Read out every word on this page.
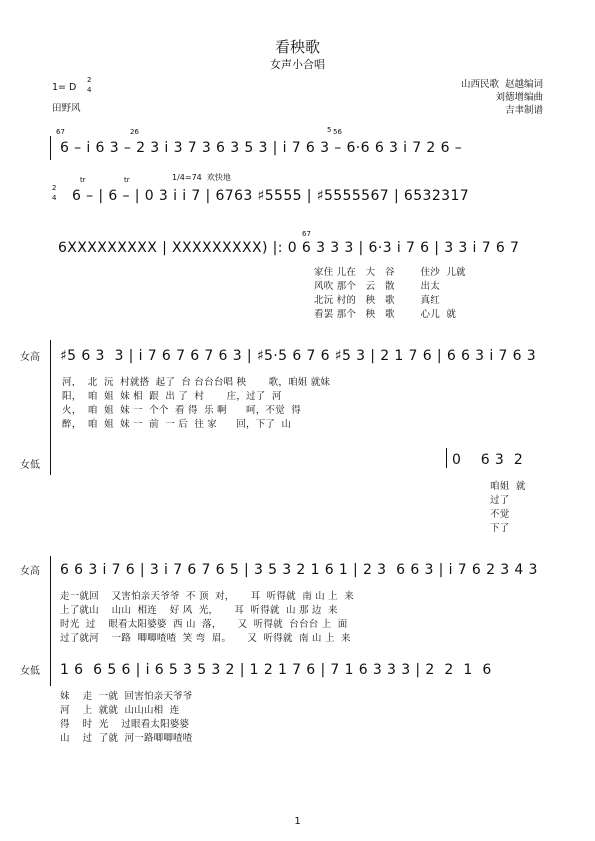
看秧歌
女声小合唱
1= D
2
4
田野风
山西民歌  赵越编词
刘德增编曲
吉聿制谱
67	26	5 56
6 – i 6 3 – 2 3 i 3 7 3 6 3 5 3 | i 7 6 3 – 6·6 6 3 i 7 2 6 –
2
4
tr	tr	1/4=74  欢快地
6 – | 6 – | 0 3 i i 7 | 6763 ♯5555 | ♯5555567 | 6532317
67
6XXXXXXXXX | XXXXXXXXX) |: 0 6 3 3 3 | 6·3 i 7 6 | 3 3 i 7 6 7
家住 儿在   大   谷        住沙  儿就
风吹 那个   云   散        出太
北沅 村的   秧   歌        真红
看罢 那个   秧   歌        心儿  就
女高
女低
♯5 6 3  3 | i 7 6 7 6 7 6 3 | ♯5·5 6 7 6 ♯5 3 | 2 1 7 6 | 6 6 3 i 7 6 3
河，  北  沅  村就搭  起了  台 台台台唱 秧       歌，咱姐 就妹
阳，  咱  姐  妹 相  跟  出 了  村       庄，过了  河
火，  咱  姐  妹 一  个个  看 得  乐 啊      呵，不觉  得
醉，  咱  姐  妹 一  前  一 后  往 家      回，下了  山
0    6 3  2
咱姐  就
过了
不觉
下了
女高
女低
6 6 3 i 7 6 | 3 i 7 6 7 6 5 | 3 5 3 2 1 6 1 | 2 3  6 6 3 | i 7 6 2 3 4 3
走一就回    又害怕亲天爷爷  不 顶  对，     耳  听得就  南 山 上  来
上了就山    山山  相连    好 风  光，     耳  听得就  山 那 边  来
时光  过    眼看太阳婆婆  西 山  落，     又  听得就  台台台 上  面
过了就河    一路  唧唧喳喳  笑 弯  眉。     又  听得就  南 山 上  来
1 6  6 5 6 | i 6 5 3 5 3 2 | 1 2 1 7 6 | 7 1 6 3 3 3 | 2  2  1  6
妹    走  一就  回害怕亲天爷爷
河    上  就就  山山山相  连
得    时  光    过眼看太阳婆婆
山    过  了就  河一路唧唧喳喳
1
